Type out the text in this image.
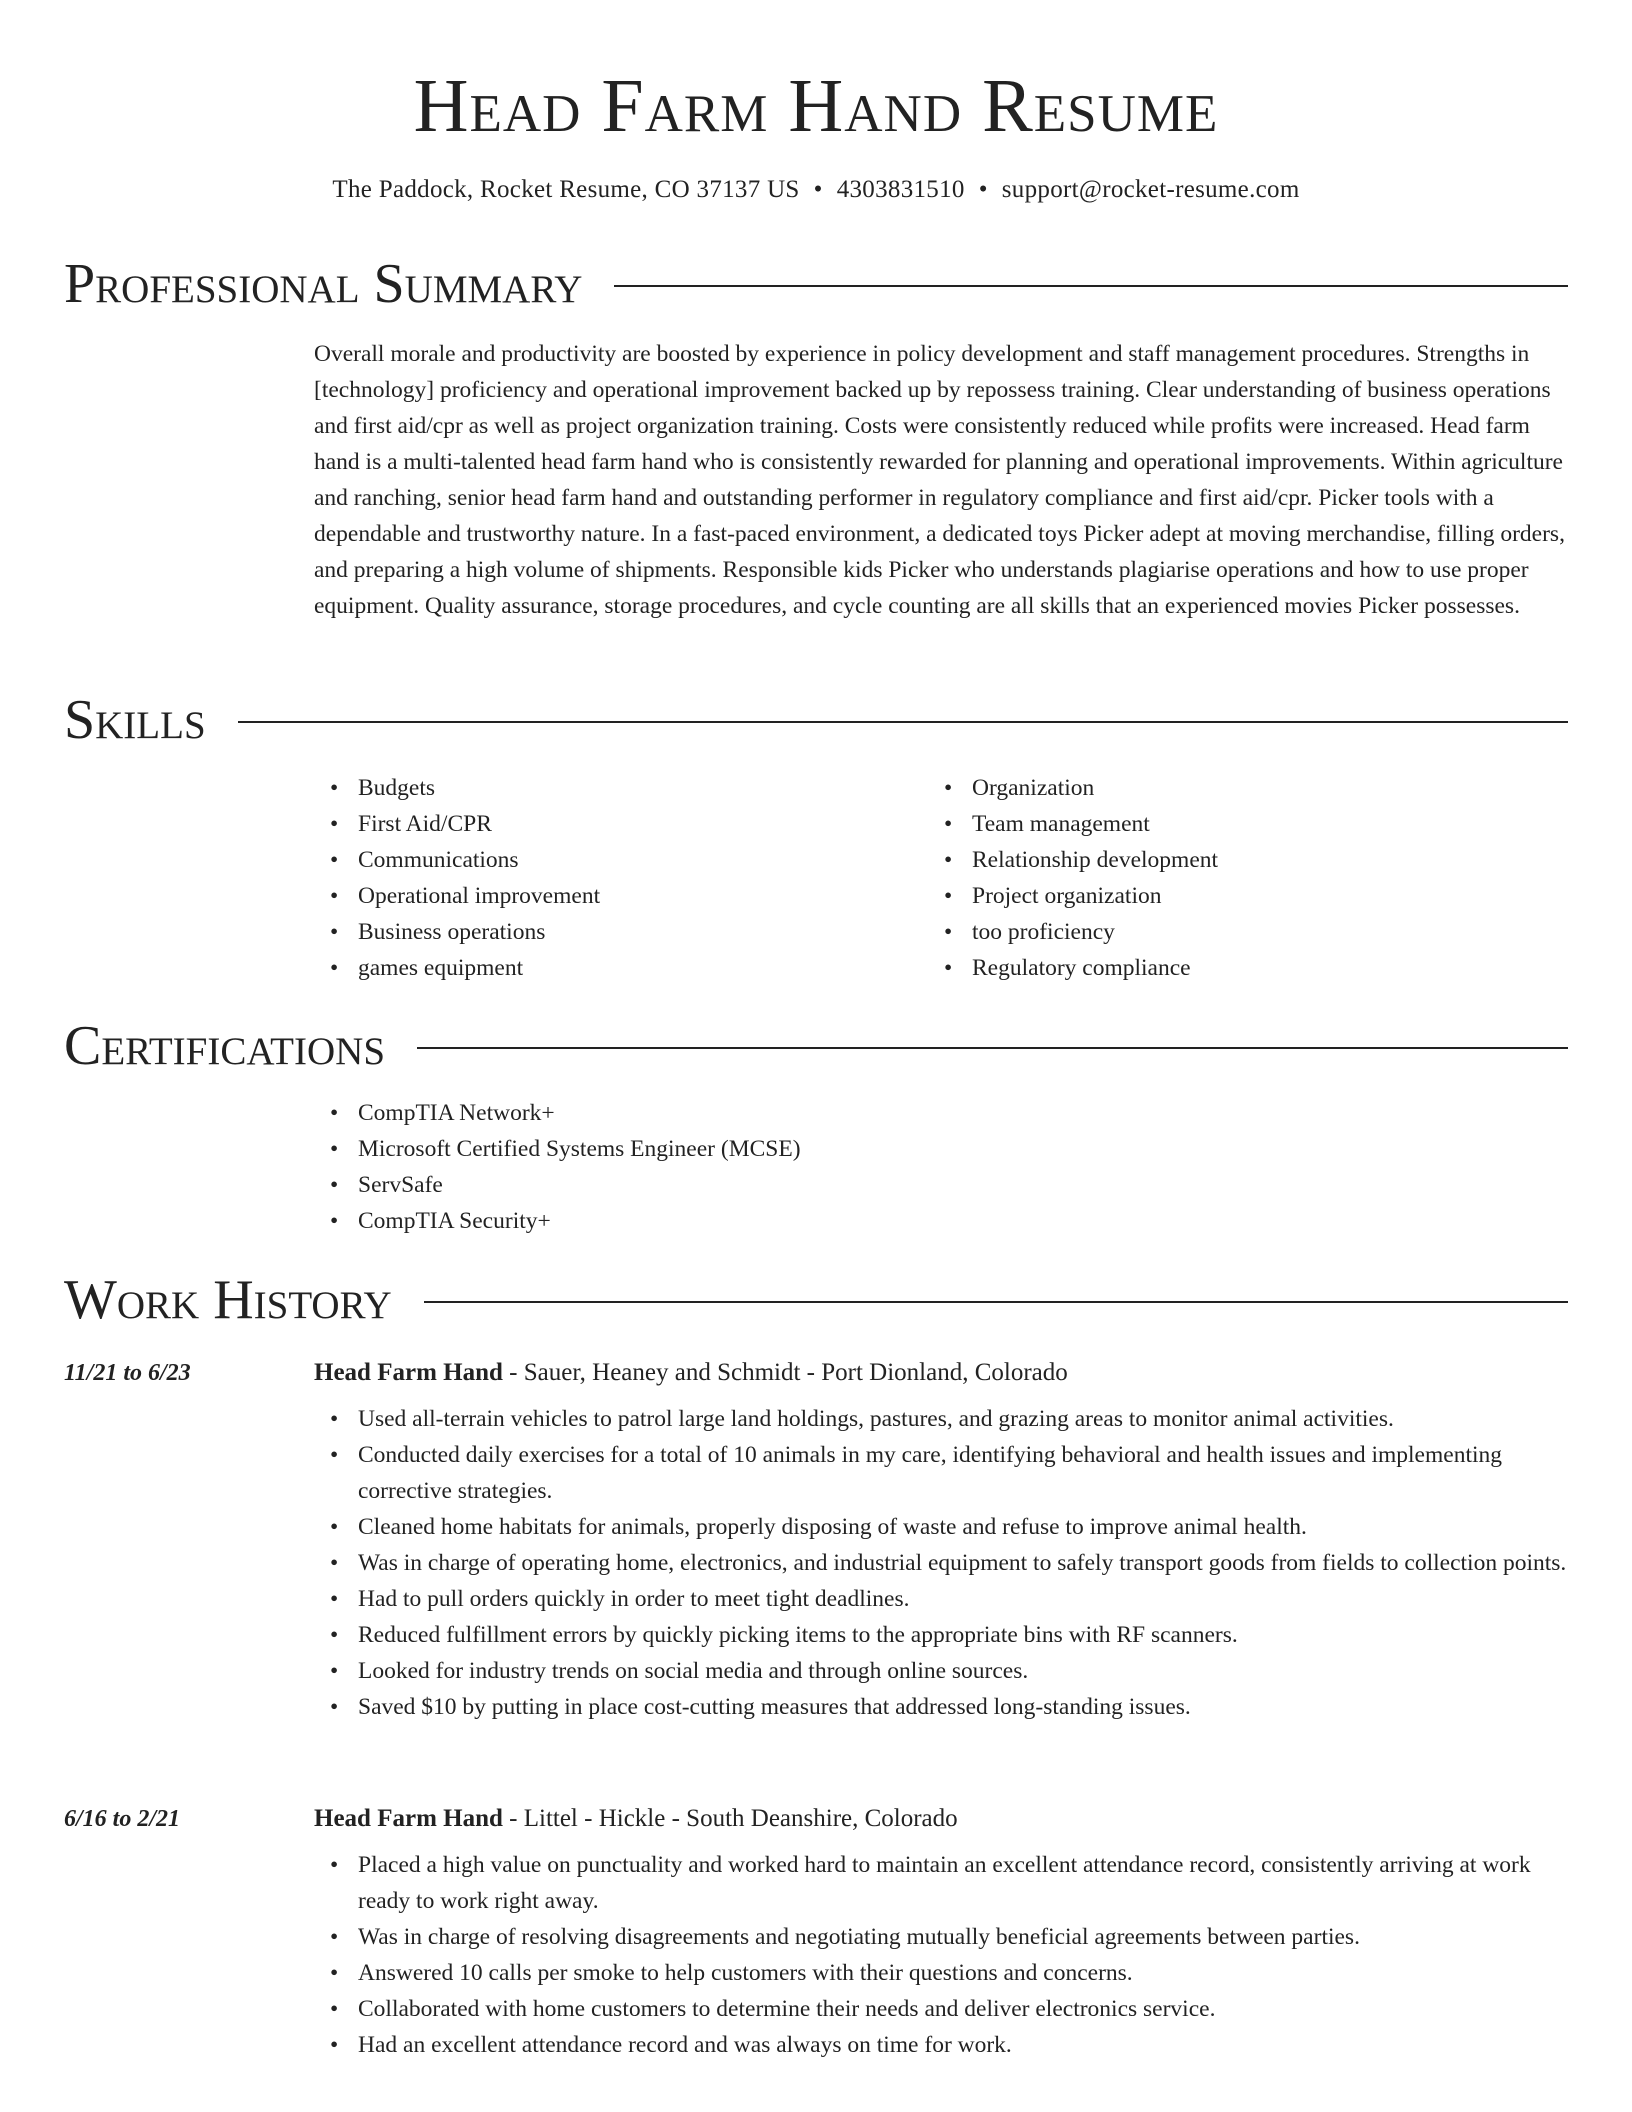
Head Farm Hand Resume
The Paddock, Rocket Resume, CO 37137 US • 4303831510 • support@rocket-resume.com
Professional Summary

Overall morale and productivity are boosted by experience in policy development and staff management procedures. Strengths in [technology] proficiency and operational improvement backed up by repossess training. Clear understanding of business operations and first aid/cpr as well as project organization training. Costs were consistently reduced while profits were increased. Head farm hand is a multi-talented head farm hand who is consistently rewarded for planning and operational improvements. Within agriculture and ranching, senior head farm hand and outstanding performer in regulatory compliance and first aid/cpr. Picker tools with a dependable and trustworthy nature. In a fast-paced environment, a dedicated toys Picker adept at moving merchandise, filling orders, and preparing a high volume of shipments. Responsible kids Picker who understands plagiarise operations and how to use proper equipment. Quality assurance, storage procedures, and cycle counting are all skills that an experienced movies Picker possesses.

Skills
• Budgets
• First Aid/CPR
• Communications
• Operational improvement
• Business operations
• games equipment
• Organization
• Team management
• Relationship development
• Project organization
• too proficiency
• Regulatory compliance
Certifications
• CompTIA Network+
• Microsoft Certified Systems Engineer (MCSE)
• ServSafe
• CompTIA Security+
Work History
11/21 to 6/23	Head Farm Hand - Sauer, Heaney and Schmidt - Port Dionland, Colorado
• Used all-terrain vehicles to patrol large land holdings, pastures, and grazing areas to monitor animal activities.
• Conducted daily exercises for a total of 10 animals in my care, identifying behavioral and health issues and implementing corrective strategies.
• Cleaned home habitats for animals, properly disposing of waste and refuse to improve animal health.
• Was in charge of operating home, electronics, and industrial equipment to safely transport goods from fields to collection points.
• Had to pull orders quickly in order to meet tight deadlines.
• Reduced fulfillment errors by quickly picking items to the appropriate bins with RF scanners.
• Looked for industry trends on social media and through online sources.
• Saved $10 by putting in place cost-cutting measures that addressed long-standing issues.
6/16 to 2/21	Head Farm Hand - Littel - Hickle - South Deanshire, Colorado
• Placed a high value on punctuality and worked hard to maintain an excellent attendance record, consistently arriving at work ready to work right away.
• Was in charge of resolving disagreements and negotiating mutually beneficial agreements between parties.
• Answered 10 calls per smoke to help customers with their questions and concerns.
• Collaborated with home customers to determine their needs and deliver electronics service.
• Had an excellent attendance record and was always on time for work.
